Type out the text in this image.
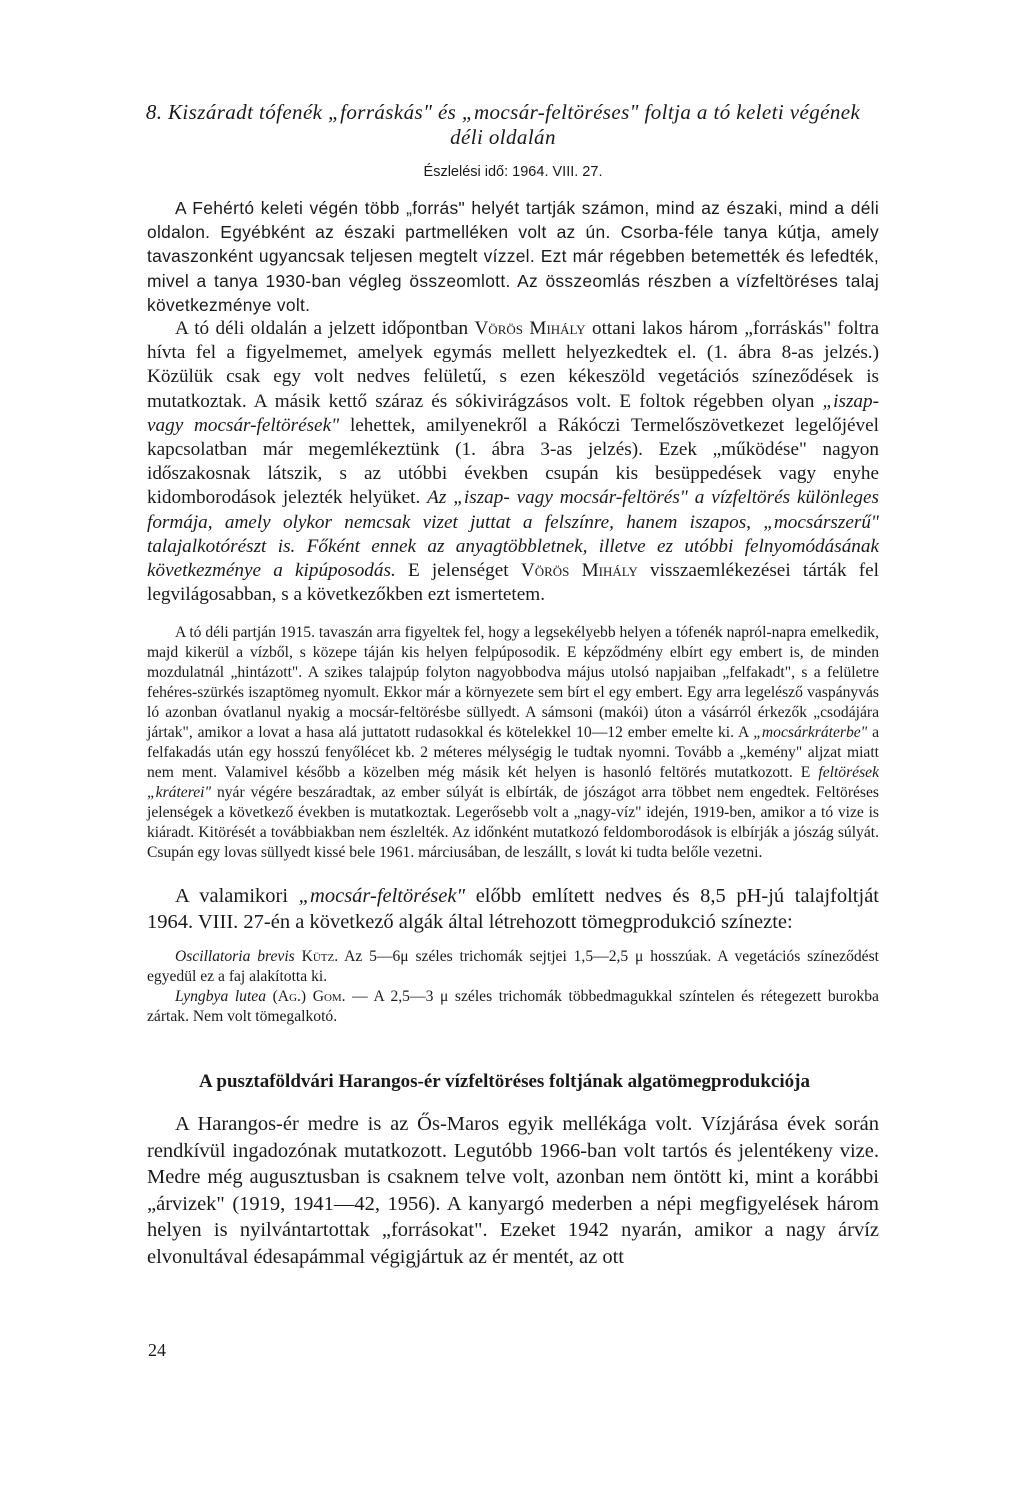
8. Kiszáradt tófenék „forráskás" és „mocsár-feltöréses" foltja a tó keleti végének déli oldalán
Észlelési idő: 1964. VIII. 27.

A Fehértó keleti végén több „forrás" helyét tartják számon, mind az északi, mind a déli oldalon. Egyébként az északi partmelléken volt az ún. Csorba-féle tanya kútja, amely tavaszonként ugyancsak teljesen megtelt vízzel. Ezt már régebben betemették és lefedték, mivel a tanya 1930-ban végleg összeomlott. Az összeomlás részben a vízfeltöréses talaj következménye volt.

A tó déli oldalán a jelzett időpontban Vörös Mihály ottani lakos három „forráskás" foltra hívta fel a figyelmemet, amelyek egymás mellett helyezkedtek el. (1. ábra 8-as jelzés.) Közülük csak egy volt nedves felületű, s ezen kékeszöld vegetációs színeződések is mutatkoztak. A másik kettő száraz és sókivirágzásos volt. E foltok régebben olyan „iszap- vagy mocsár-feltörések" lehettek, amilyenekről a Rákóczi Termelőszövetkezet legelőjével kapcsolatban már megemlékeztünk (1. ábra 3-as jelzés). Ezek „működése" nagyon időszakosnak látszik, s az utóbbi években csupán kis besüppedések vagy enyhe kidomborodások jelezték helyüket. Az „iszap- vagy mocsár-feltörés" a vízfeltörés különleges formája, amely olykor nemcsak vizet juttat a felszínre, hanem iszapos, „mocsárszerű" talajalkotórészt is. Főként ennek az anyagtöbbletnek, illetve ez utóbbi felnyomódásának következménye a kipúposodás. E jelenséget Vörös Mihály visszaemlékezései tárták fel legvilágosabban, s a következőkben ezt ismertetem.

A tó déli partján 1915. tavaszán arra figyeltek fel, hogy a legsekélyebb helyen a tófenék napról-napra emelkedik, majd kikerül a vízből, s közepe táján kis helyen felpúposodik. E képződmény elbírt egy embert is, de minden mozdulatnál „hintázott". A szikes talajpúp folyton nagyobbodva május utolsó napjaiban „felfakadt", s a felületre fehéres-szürkés iszaptömeg nyomult. Ekkor már a környezete sem bírt el egy embert. Egy arra legelésző vaspányvás ló azonban óvatlanul nyakig a mocsár-feltörésbe süllyedt. A sámsoni (makói) úton a vásárról érkezők „csodájára jártak", amikor a lovat a hasa alá juttatott rudasokkal és kötelekkel 10—12 ember emelte ki. A „mocsárkráterbe" a felfakadás után egy hosszú fenyőlécet kb. 2 méteres mélységig le tudtak nyomni. Tovább a „kemény" aljzat miatt nem ment. Valamivel később a közelben még másik két helyen is hasonló feltörés mutatkozott. E feltörések „kráterei" nyár végére beszáradtak, az ember súlyát is elbírták, de jószágot arra többet nem engedtek. Feltöréses jelenségek a következő években is mutatkoztak. Legerősebb volt a „nagy-víz" idején, 1919-ben, amikor a tó vize is kiáradt. Kitörését a továbbiakban nem észlelték. Az időnként mutatkozó feldomborodások is elbírják a jószág súlyát. Csupán egy lovas süllyedt kissé bele 1961. márciusában, de leszállt, s lovát ki tudta belőle vezetni.

A valamikori „mocsár-feltörések" előbb említett nedves és 8,5 pH-jú talajfoltját 1964. VIII. 27-én a következő algák által létrehozott tömegprodukció színezte:

Oscillatoria brevis Kütz. Az 5—6μ széles trichomák sejtjei 1,5—2,5 μ hosszúak. A vegetációs színeződést egyedül ez a faj alakította ki.

Lyngbya lutea (Ag.) Gom. — A 2,5—3 μ széles trichomák többedmagukkal színtelen és rétegezett burokba zártak. Nem volt tömegalkotó.

A pusztaföldvári Harangos-ér vízfeltöréses foltjának algatömegprodukciója

A Harangos-ér medre is az Ős-Maros egyik mellékága volt. Vízjárása évek során rendkívül ingadozónak mutatkozott. Legutóbb 1966-ban volt tartós és jelentékeny vize. Medre még augusztusban is csaknem telve volt, azonban nem öntött ki, mint a korábbi „árvizek" (1919, 1941—42, 1956). A kanyargó mederben a népi megfigyelések három helyen is nyilvántartottak „forrásokat". Ezeket 1942 nyarán, amikor a nagy árvíz elvonultával édesapámmal végigjártuk az ér mentét, az ott

24
